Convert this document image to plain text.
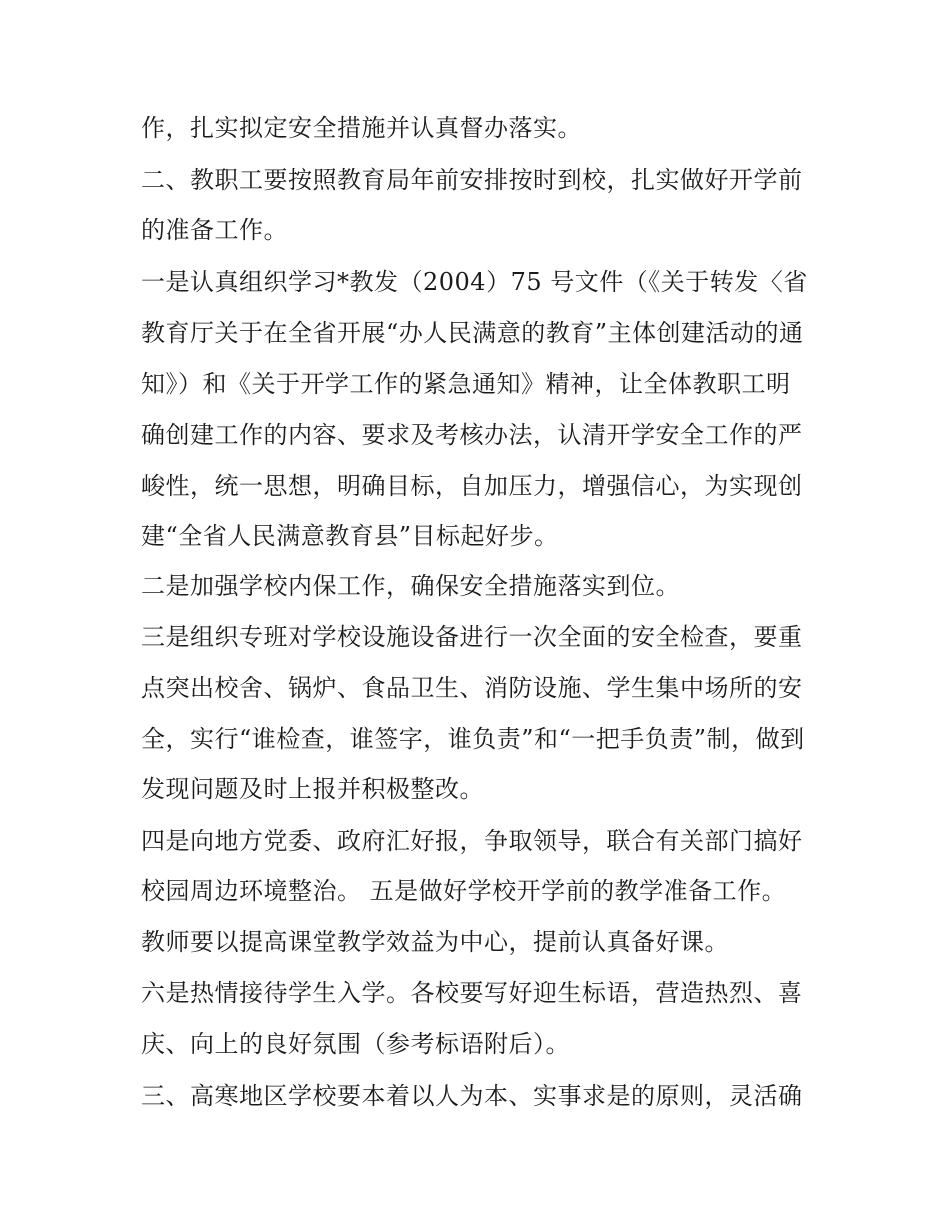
作，扎实拟定安全措施并认真督办落实。
二、教职工要按照教育局年前安排按时到校，扎实做好开学前
的准备工作。
一是认真组织学习*教发（2004）75 号文件（《关于转发〈省
教育厅关于在全省开展“办人民满意的教育”主体创建活动的通
知》）和《关于开学工作的紧急通知》精神，让全体教职工明
确创建工作的内容、要求及考核办法，认清开学安全工作的严
峻性，统一思想，明确目标，自加压力，增强信心，为实现创
建“全省人民满意教育县”目标起好步。
二是加强学校内保工作，确保安全措施落实到位。
三是组织专班对学校设施设备进行一次全面的安全检查，要重
点突出校舍、锅炉、食品卫生、消防设施、学生集中场所的安
全，实行“谁检查，谁签字，谁负责”和“一把手负责”制，做到
发现问题及时上报并积极整改。
四是向地方党委、政府汇好报，争取领导，联合有关部门搞好
校园周边环境整治。 五是做好学校开学前的教学准备工作。
教师要以提高课堂教学效益为中心，提前认真备好课。
六是热情接待学生入学。各校要写好迎生标语，营造热烈、喜
庆、向上的良好氛围（参考标语附后）。
三、高寒地区学校要本着以人为本、实事求是的原则，灵活确
